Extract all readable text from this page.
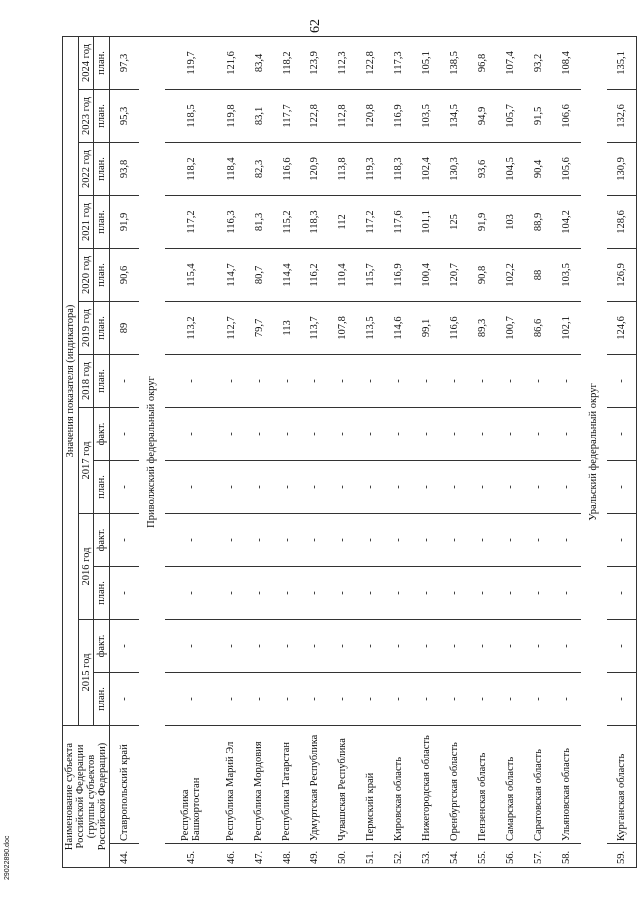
62
29022890.doc
Наименование субъекта Российской Федерации (группы субъектов Российской Федерации)		Значения показателя (индикатора)												
		2015 год		2016 год		2017 год		2018 год	2019 год	2020 год	2021 год	2022 год	2023 год	2024 год
		план.	факт.	план.	факт.	план.	факт.	план.	план.	план.	план.	план.	план.	план.
44.	Ставропольский край	-	-	-	-	-	-	-	89	90,6	91,9	93,8	95,3	97,3
Приволжский федеральный округ														
45.	Республика Башкортостан	-	-	-	-	-	-	-	113,2	115,4	117,2	118,2	118,5	119,7
46.	Республика Марий Эл	-	-	-	-	-	-	-	112,7	114,7	116,3	118,4	119,8	121,6
47.	Республика Мордовия	-	-	-	-	-	-	-	79,7	80,7	81,3	82,3	83,1	83,4
48.	Республика Татарстан	-	-	-	-	-	-	-	113	114,4	115,2	116,6	117,7	118,2
49.	Удмуртская Республика	-	-	-	-	-	-	-	113,7	116,2	118,3	120,9	122,8	123,9
50.	Чувашская Республика	-	-	-	-	-	-	-	107,8	110,4	112	113,8	112,8	112,3
51.	Пермский край	-	-	-	-	-	-	-	113,5	115,7	117,2	119,3	120,8	122,8
52.	Кировская область	-	-	-	-	-	-	-	114,6	116,9	117,6	118,3	116,9	117,3
53.	Нижегородская область	-	-	-	-	-	-	-	99,1	100,4	101,1	102,4	103,5	105,1
54.	Оренбургская область	-	-	-	-	-	-	-	116,6	120,7	125	130,3	134,5	138,5
55.	Пензенская область	-	-	-	-	-	-	-	89,3	90,8	91,9	93,6	94,9	96,8
56.	Самарская область	-	-	-	-	-	-	-	100,7	102,2	103	104,5	105,7	107,4
57.	Саратовская область	-	-	-	-	-	-	-	86,6	88	88,9	90,4	91,5	93,2
58.	Ульяновская область	-	-	-	-	-	-	-	102,1	103,5	104,2	105,6	106,6	108,4
Уральский федеральный округ														
59.	Курганская область	-	-	-	-	-	-	-	124,6	126,9	128,6	130,9	132,6	135,1
